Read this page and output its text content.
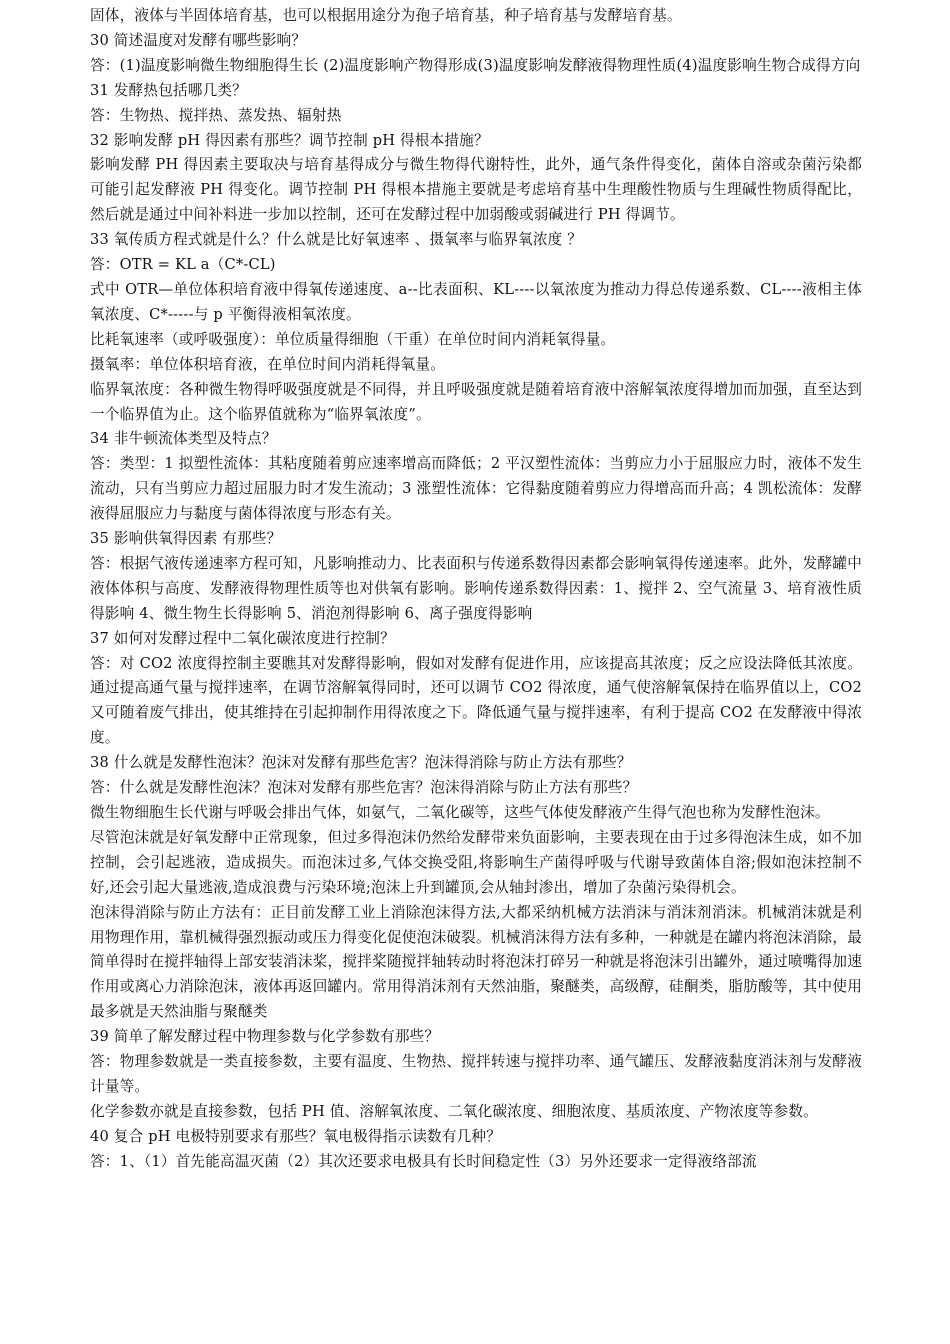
固体，液体与半固体培育基，也可以根据用途分为孢子培育基，种子培育基与发酵培育基。

30 简述温度对发酵有哪些影响？

答：(1)温度影响微生物细胞得生长 (2)温度影响产物得形成(3)温度影响发酵液得物理性质(4)温度影响生物合成得方向

31 发酵热包括哪几类？

答：生物热、搅拌热、蒸发热、辐射热

32 影响发酵 pH 得因素有那些？调节控制 pH 得根本措施？

影响发酵 PH 得因素主要取决与培育基得成分与微生物得代谢特性，此外，通气条件得变化，菌体自溶或杂菌污染都可能引起发酵液 PH 得变化。调节控制 PH 得根本措施主要就是考虑培育基中生理酸性物质与生理碱性物质得配比，然后就是通过中间补料进一步加以控制，还可在发酵过程中加弱酸或弱碱进行 PH 得调节。

33 氧传质方程式就是什么？什么就是比好氧速率 、摄氧率与临界氧浓度 ？

答：OTR = KL a（C*-CL)

式中 OTR—单位体积培育液中得氧传递速度、a--比表面积、KL----以氧浓度为推动力得总传递系数、CL----液相主体氧浓度、C*-----与 p 平衡得液相氧浓度。

比耗氧速率（或呼吸强度）：单位质量得细胞（干重）在单位时间内消耗氧得量。

摄氧率：单位体积培育液，在单位时间内消耗得氧量。

临界氧浓度：各种微生物得呼吸强度就是不同得，并且呼吸强度就是随着培育液中溶解氧浓度得增加而加强，直至达到一个临界值为止。这个临界值就称为“临界氧浓度”。

34 非牛顿流体类型及特点？

答：类型：1 拟塑性流体：其粘度随着剪应速率增高而降低；2 平汉塑性流体：当剪应力小于屈服应力时，液体不发生流动，只有当剪应力超过屈服力时才发生流动；3 涨塑性流体：它得黏度随着剪应力得增高而升高；4 凯松流体：发酵液得屈服应力与黏度与菌体得浓度与形态有关。

35 影响供氧得因素 有那些？

答：根据气液传递速率方程可知，凡影响推动力、比表面积与传递系数得因素都会影响氧得传递速率。此外，发酵罐中液体体积与高度、发酵液得物理性质等也对供氧有影响。影响传递系数得因素：1、搅拌 2、空气流量 3、培育液性质得影响 4、微生物生长得影响 5、消泡剂得影响 6、离子强度得影响

37 如何对发酵过程中二氧化碳浓度进行控制？

答：对 CO2 浓度得控制主要瞧其对发酵得影响，假如对发酵有促进作用，应该提高其浓度；反之应设法降低其浓度。通过提高通气量与搅拌速率，在调节溶解氧得同时，还可以调节 CO2 得浓度，通气使溶解氧保持在临界值以上，CO2 又可随着废气排出，使其维持在引起抑制作用得浓度之下。降低通气量与搅拌速率，有利于提高 CO2 在发酵液中得浓度。

38 什么就是发酵性泡沫？泡沫对发酵有那些危害？泡沫得消除与防止方法有那些？

答：什么就是发酵性泡沫？泡沫对发酵有那些危害？泡沫得消除与防止方法有那些？

微生物细胞生长代谢与呼吸会排出气体，如氨气，二氧化碳等，这些气体使发酵液产生得气泡也称为发酵性泡沫。

尽管泡沫就是好氧发酵中正常现象，但过多得泡沫仍然给发酵带来负面影响，主要表现在由于过多得泡沫生成，如不加控制，会引起逃液，造成损失。而泡沫过多,气体交换受阻,将影响生产菌得呼吸与代谢导致菌体自溶;假如泡沫控制不好,还会引起大量逃液,造成浪费与污染环境;泡沫上升到罐顶,会从轴封渗出，增加了杂菌污染得机会。

泡沫得消除与防止方法有：正目前发酵工业上消除泡沫得方法,大都采纳机械方法消沫与消沫剂消沫。机械消沫就是利用物理作用，靠机械得强烈振动或压力得变化促使泡沫破裂。机械消沫得方法有多种，一种就是在罐内将泡沫消除，最简单得时在搅拌轴得上部安装消沫桨，搅拌桨随搅拌轴转动时将泡沫打碎另一种就是将泡沫引出罐外，通过喷嘴得加速作用或离心力消除泡沫，液体再返回罐内。常用得消沫剂有天然油脂，聚醚类，高级醇，硅酮类，脂肪酸等，其中使用最多就是天然油脂与聚醚类

39 简单了解发酵过程中物理参数与化学参数有那些？

答：物理参数就是一类直接参数，主要有温度、生物热、搅拌转速与搅拌功率、通气罐压、发酵液黏度消沫剂与发酵液计量等。

化学参数亦就是直接参数，包括 PH 值、溶解氧浓度、二氧化碳浓度、细胞浓度、基质浓度、产物浓度等参数。

40 复合 pH 电极特别要求有那些？氧电极得指示读数有几种？

答：1、（1）首先能高温灭菌（2）其次还要求电极具有长时间稳定性（3）另外还要求一定得液络部流
